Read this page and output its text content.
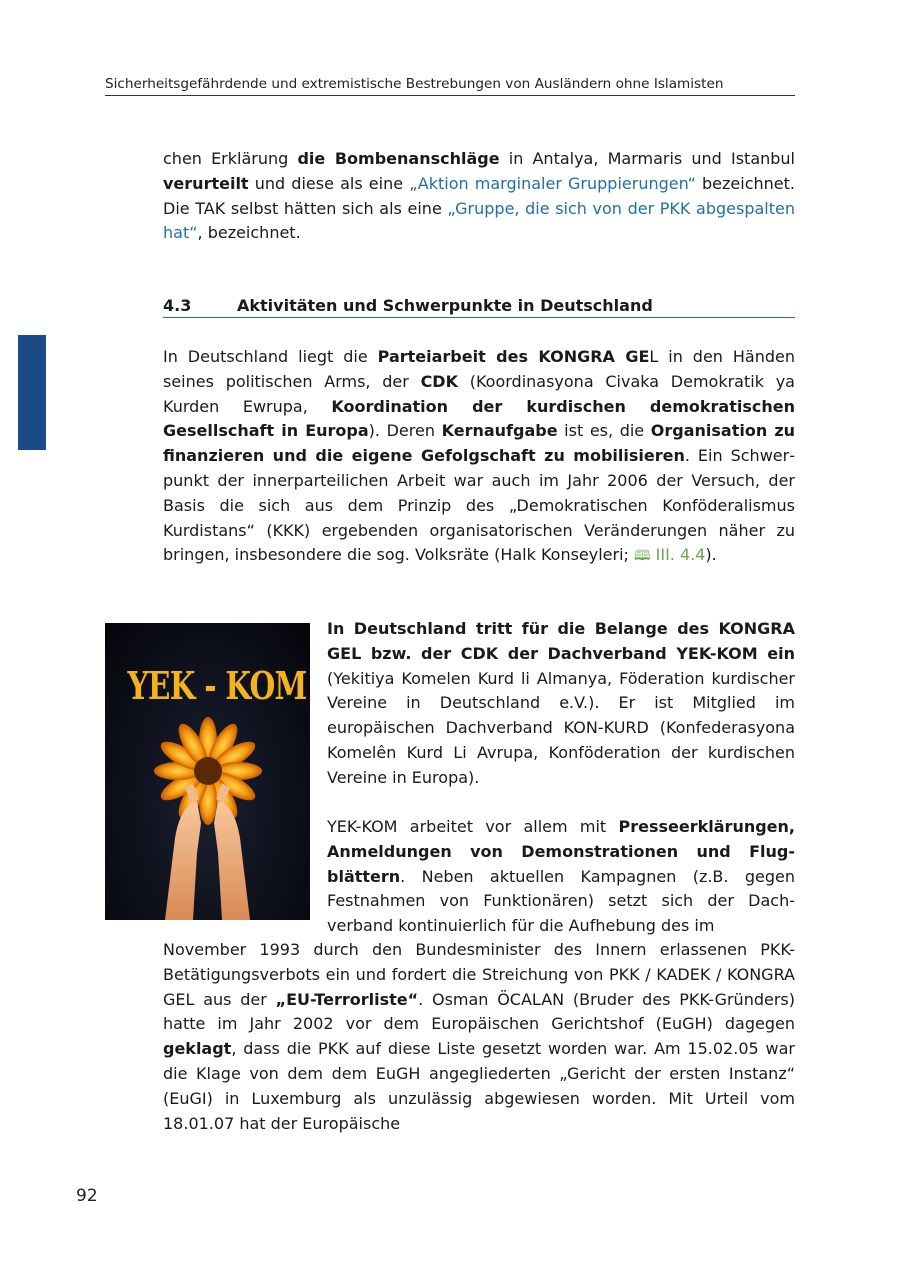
Sicherheitsgefährdende und extremistische Bestrebungen von Ausländern ohne Islamisten
chen Erklärung die Bombenanschläge in Antalya, Marmaris und Istanbul verurteilt und diese als eine „Aktion marginaler Gruppierungen“ bezeichnet. Die TAK selbst hätten sich als eine „Gruppe, die sich von der PKK abgespalten hat“, bezeichnet.
4.3	Aktivitäten und Schwerpunkte in Deutschland
In Deutschland liegt die Parteiarbeit des KONGRA GEL in den Händen seines politischen Arms, der CDK (Koordinasyona Civaka Demokratik ya Kurden Ewrupa, Koordination der kurdischen demokratischen Gesellschaft in Europa). Deren Kernaufgabe ist es, die Organisation zu finanzieren und die eigene Gefolgschaft zu mobilisieren. Ein Schwerpunkt der innerparteilichen Arbeit war auch im Jahr 2006 der Versuch, der Basis die sich aus dem Prinzip des „Demokratischen Konföderalismus Kurdistans“ (KKK) ergebenden organisatorischen Veränderungen näher zu bringen, insbesondere die sog. Volksräte (Halk Konseyleri; 🕮 III. 4.4).
YEK - KOM
In Deutschland tritt für die Belange des KONGRA GEL bzw. der CDK der Dachverband YEK-KOM ein (Yekitiya Komelen Kurd li Almanya, Föderation kurdischer Vereine in Deutschland e.V.). Er ist Mitglied im europäischen Dachverband KON-KURD (Konfederasyona Komelên Kurd Li Avrupa, Konföderation der kurdischen Vereine in Europa).
YEK-KOM arbeitet vor allem mit Presseerklärungen, Anmeldungen von Demonstrationen und Flugblättern. Neben aktuellen Kampagnen (z.B. gegen Festnahmen von Funktionären) setzt sich der Dachverband kontinuierlich für die Aufhebung des im
November 1993 durch den Bundesminister des Innern erlassenen PKK-Betätigungsverbots ein und fordert die Streichung von PKK / KADEK / KONGRA GEL aus der „EU-Terrorliste“. Osman ÖCALAN (Bruder des PKK-Gründers) hatte im Jahr 2002 vor dem Europäischen Gerichtshof (EuGH) dagegen geklagt, dass die PKK auf diese Liste gesetzt worden war. Am 15.02.05 war die Klage von dem dem EuGH angegliederten „Gericht der ersten Instanz“ (EuGI) in Luxemburg als unzulässig abgewiesen worden. Mit Urteil vom 18.01.07 hat der Europäische
92
